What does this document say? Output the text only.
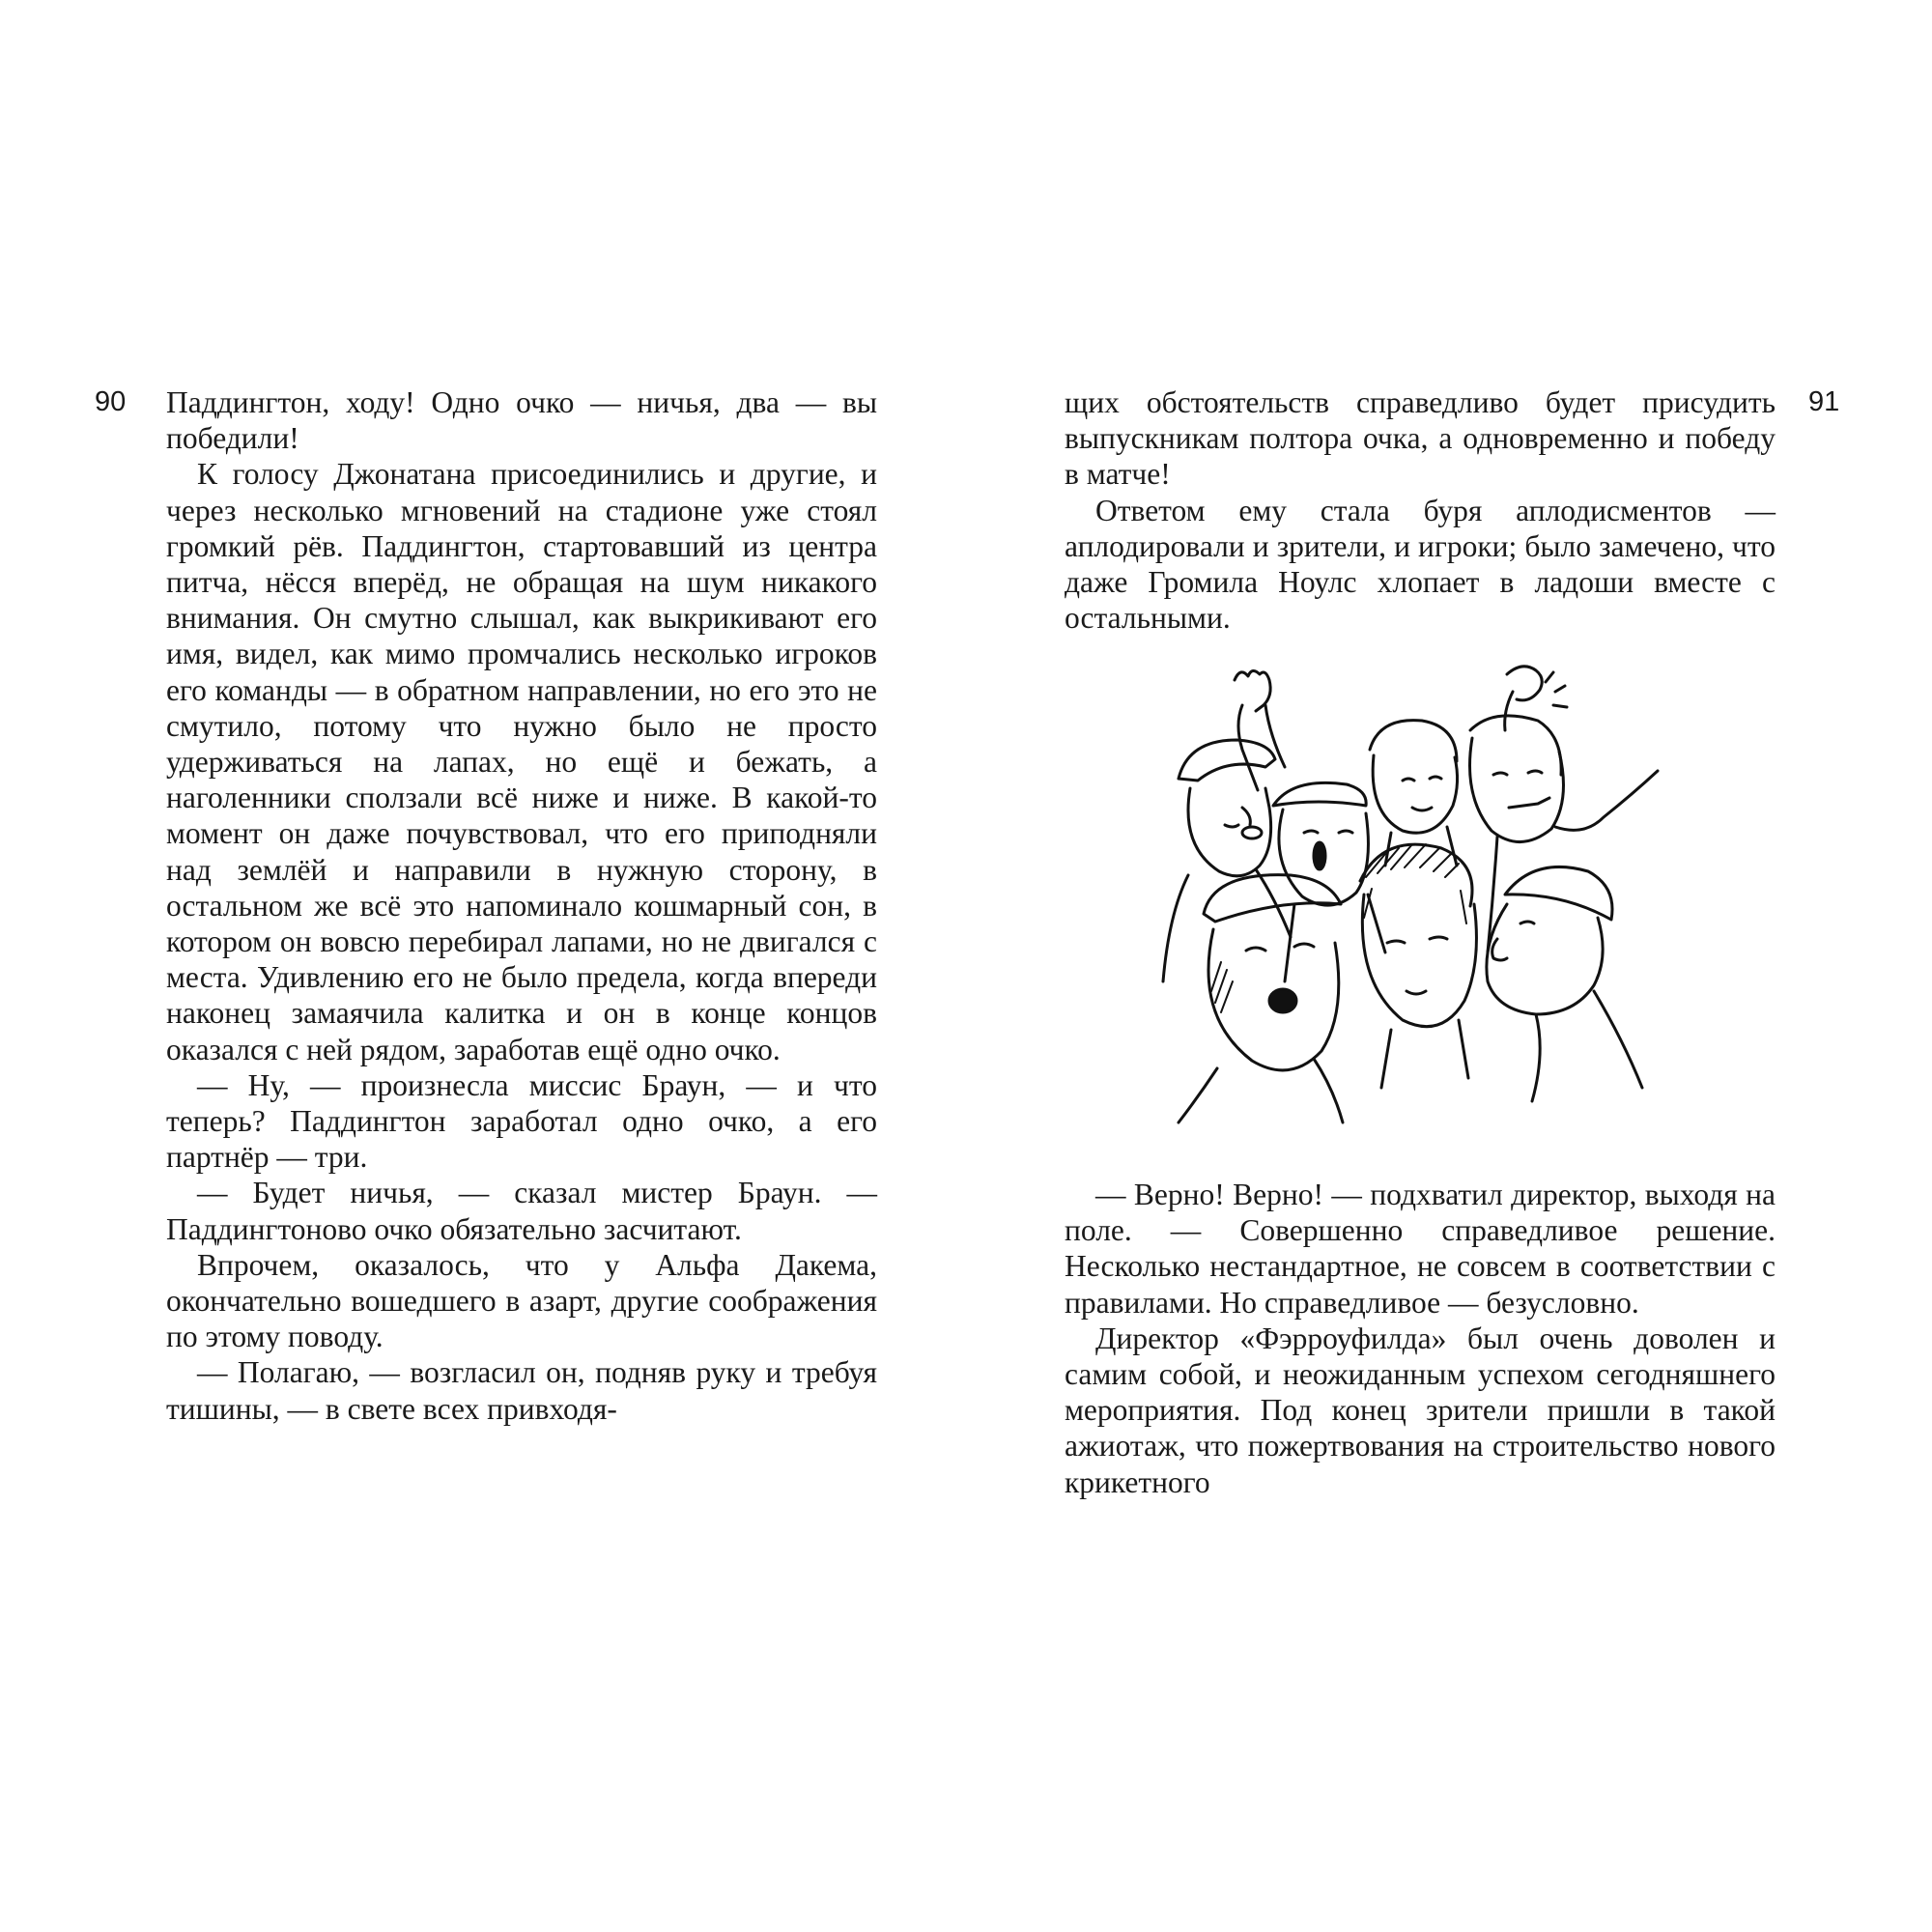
90	91

Паддингтон, ходу! Одно очко — ничья, два — вы победили!

К голосу Джонатана присоединились и другие, и через несколько мгновений на стадионе уже стоял громкий рёв. Паддингтон, стартовавший из центра питча, нёсся вперёд, не обращая на шум никакого внимания. Он смутно слышал, как выкрикивают его имя, видел, как мимо промчались несколько игроков его команды — в обратном направлении, но его это не смутило, потому что нужно было не просто удерживаться на лапах, но ещё и бежать, а наголенники сползали всё ниже и ниже. В какой-то момент он даже почувствовал, что его приподняли над землёй и направили в нужную сторону, в остальном же всё это напоминало кошмарный сон, в котором он вовсю перебирал лапами, но не двигался с места. Удивлению его не было предела, когда впереди наконец замаячила калитка и он в конце концов оказался с ней рядом, заработав ещё одно очко.

— Ну, — произнесла миссис Браун, — и что теперь? Паддингтон заработал одно очко, а его партнёр — три.

— Будет ничья, — сказал мистер Браун. — Паддингтоново очко обязательно засчитают.

Впрочем, оказалось, что у Альфа Дакема, окончательно вошедшего в азарт, другие соображения по этому поводу.

— Полагаю, — возгласил он, подняв руку и требуя тишины, — в свете всех привходя-

щих обстоятельств справедливо будет присудить выпускникам полтора очка, а одновременно и победу в матче!

Ответом ему стала буря аплодисментов — аплодировали и зрители, и игроки; было замечено, что даже Громила Ноулс хлопает в ладоши вместе с остальными.

— Верно! Верно! — подхватил директор, выходя на поле. — Совершенно справедливое решение. Несколько нестандартное, не совсем в соответствии с правилами. Но справедливое — безусловно.

Директор «Фэрроуфилда» был очень доволен и самим собой, и неожиданным успехом сегодняшнего мероприятия. Под конец зрители пришли в такой ажиотаж, что пожертвования на строительство нового крикетного
